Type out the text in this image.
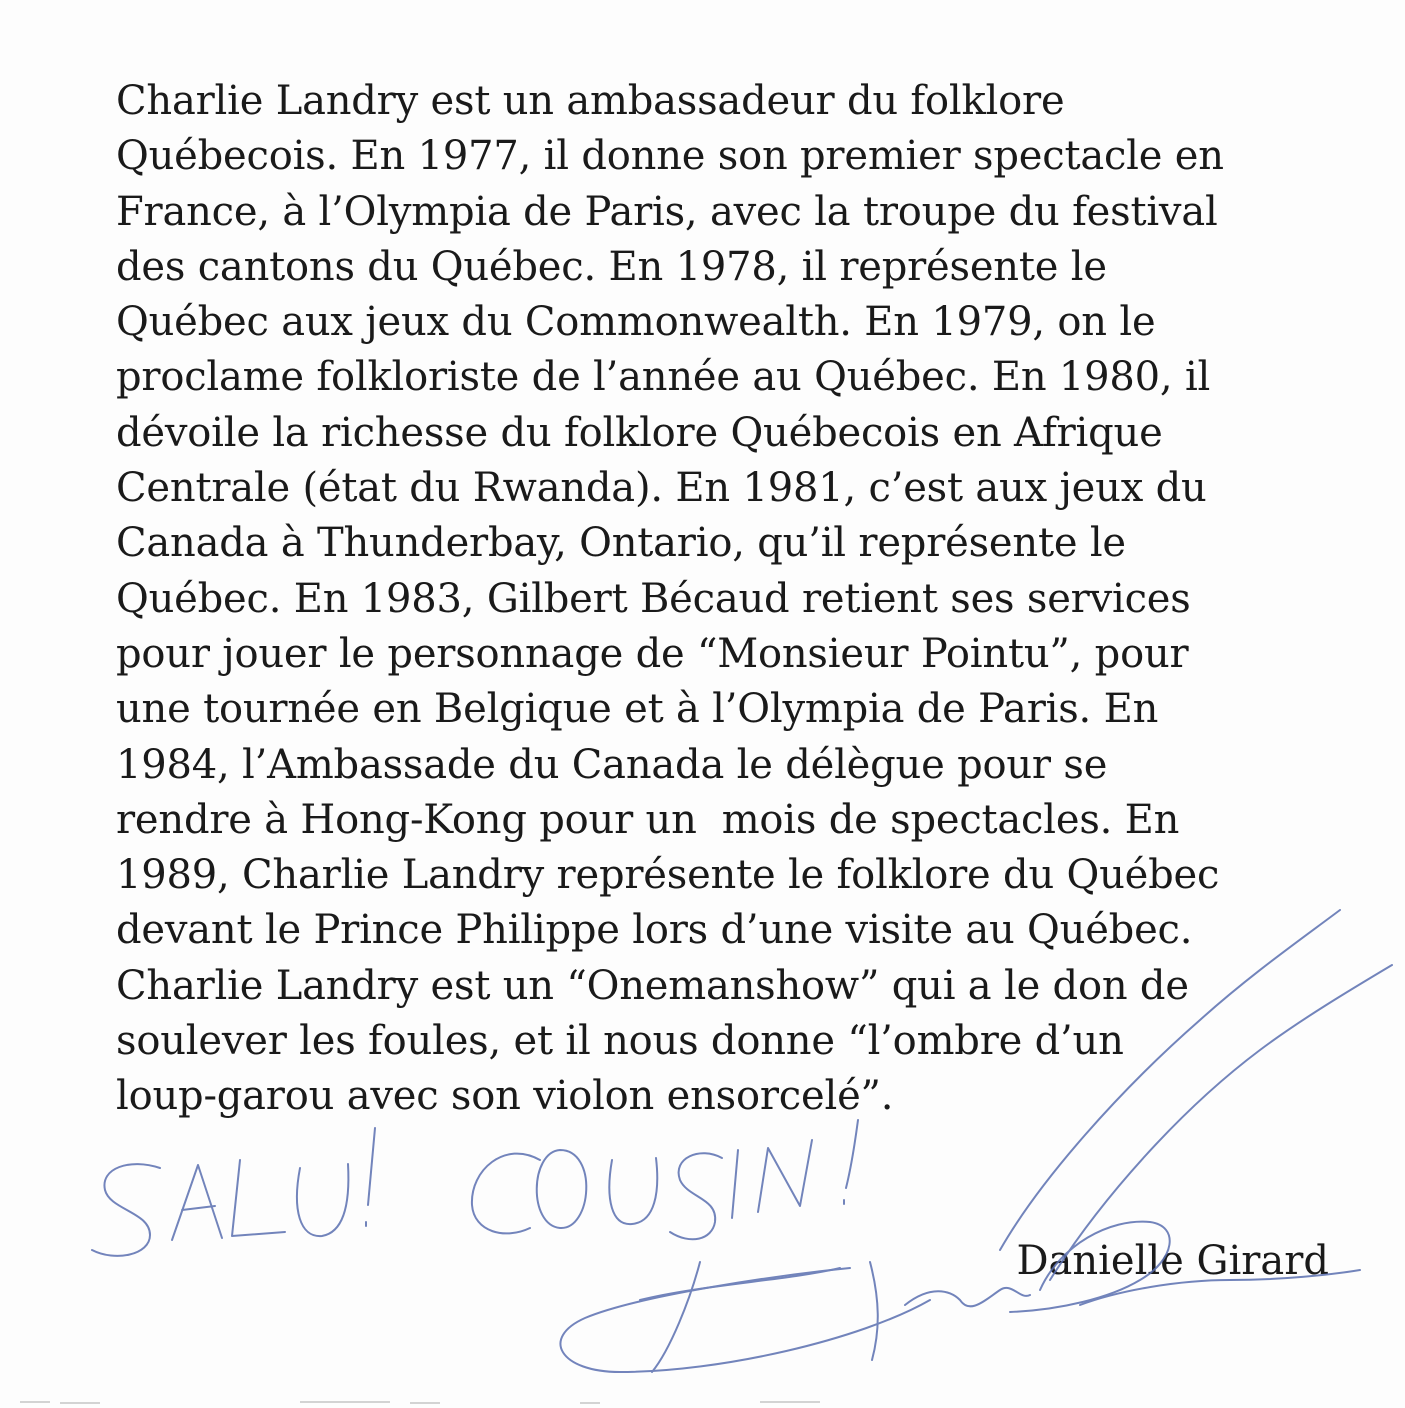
Charlie Landry est un ambassadeur du folklore
Québecois. En 1977, il donne son premier spectacle en
France, à l’Olympia de Paris, avec la troupe du festival
des cantons du Québec. En 1978, il représente le
Québec aux jeux du Commonwealth. En 1979, on le
proclame folkloriste de l’année au Québec. En 1980, il
dévoile la richesse du folklore Québecois en Afrique
Centrale (état du Rwanda). En 1981, c’est aux jeux du
Canada à Thunderbay, Ontario, qu’il représente le
Québec. En 1983, Gilbert Bécaud retient ses services
pour jouer le personnage de “Monsieur Pointu”, pour
une tournée en Belgique et à l’Olympia de Paris. En
1984, l’Ambassade du Canada le délègue pour se
rendre à Hong-Kong pour un  mois de spectacles. En
1989, Charlie Landry représente le folklore du Québec
devant le Prince Philippe lors d’une visite au Québec.
Charlie Landry est un “Onemanshow” qui a le don de
soulever les foules, et il nous donne “l’ombre d’un
loup-garou avec son violon ensorcelé”.
Danielle Girard
